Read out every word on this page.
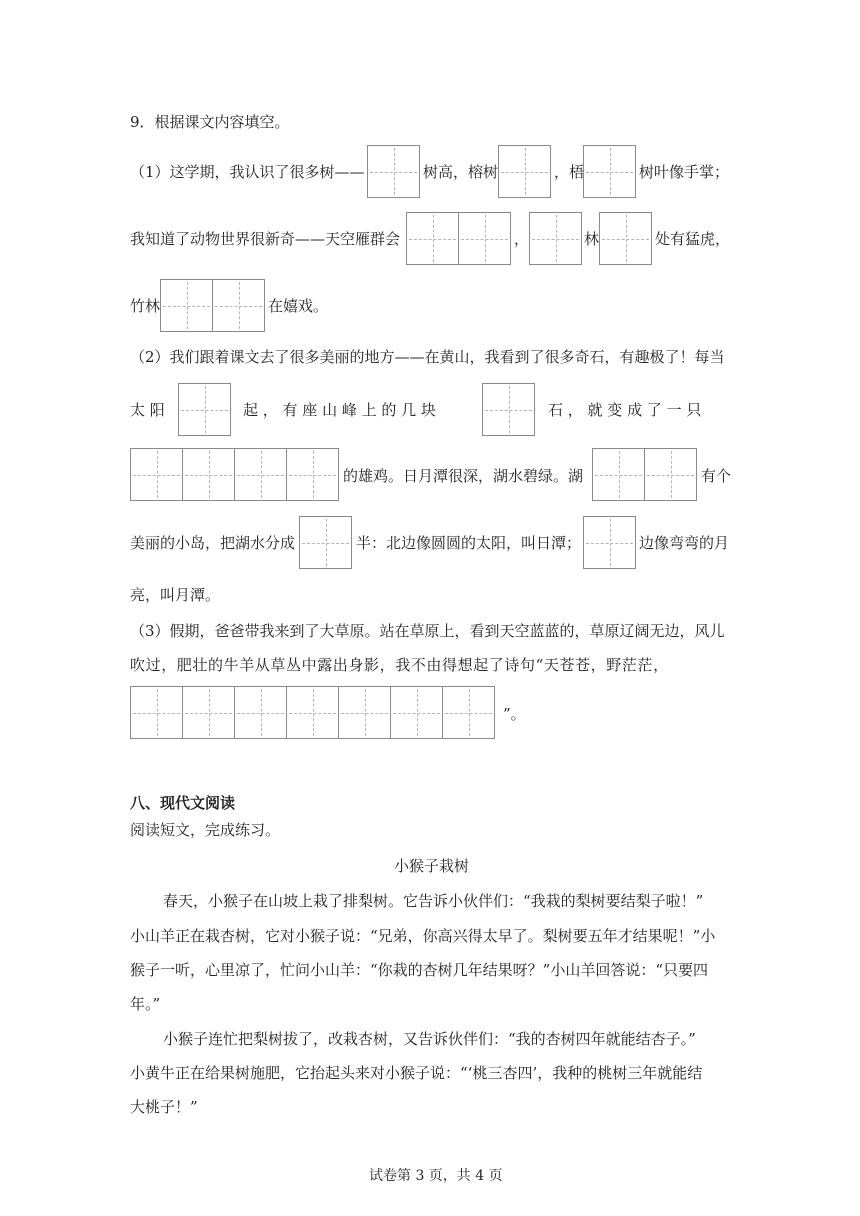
9．根据课文内容填空。
（1）这学期，我认识了很多树——	树高，榕树	，梧	树叶像手掌；
我知道了动物世界很新奇——天空雁群会	，	林	处有猛虎，
竹林	在嬉戏。
（2）我们跟着课文去了很多美丽的地方——在黄山，我看到了很多奇石，有趣极了！每当
太 阳	起 ， 有 座 山 峰 上 的 几 块	石 ， 就 变 成 了 一 只
的雄鸡。日月潭很深，湖水碧绿。湖	有个
美丽的小岛，把湖水分成	半：北边像圆圆的太阳，叫日潭；	边像弯弯的月
亮，叫月潭。
（3）假期，爸爸带我来到了大草原。站在草原上，看到天空蓝蓝的，草原辽阔无边，风儿
吹过，肥壮的牛羊从草丛中露出身影，我不由得想起了诗句“天苍苍，野茫茫，
”。
八、现代文阅读
阅读短文，完成练习。
小猴子栽树
春天，小猴子在山坡上栽了排梨树。它告诉小伙伴们：“我栽的梨树要结梨子啦！”
小山羊正在栽杏树，它对小猴子说：“兄弟，你高兴得太早了。梨树要五年才结果呢！”小
猴子一听，心里凉了，忙问小山羊：“你栽的杏树几年结果呀？”小山羊回答说：“只要四
年。”
小猴子连忙把梨树拔了，改栽杏树，又告诉伙伴们：“我的杏树四年就能结杏子。”
小黄牛正在给果树施肥，它抬起头来对小猴子说：“‘桃三杏四’，我种的桃树三年就能结
大桃子！”
试卷第 3 页，共 4 页
